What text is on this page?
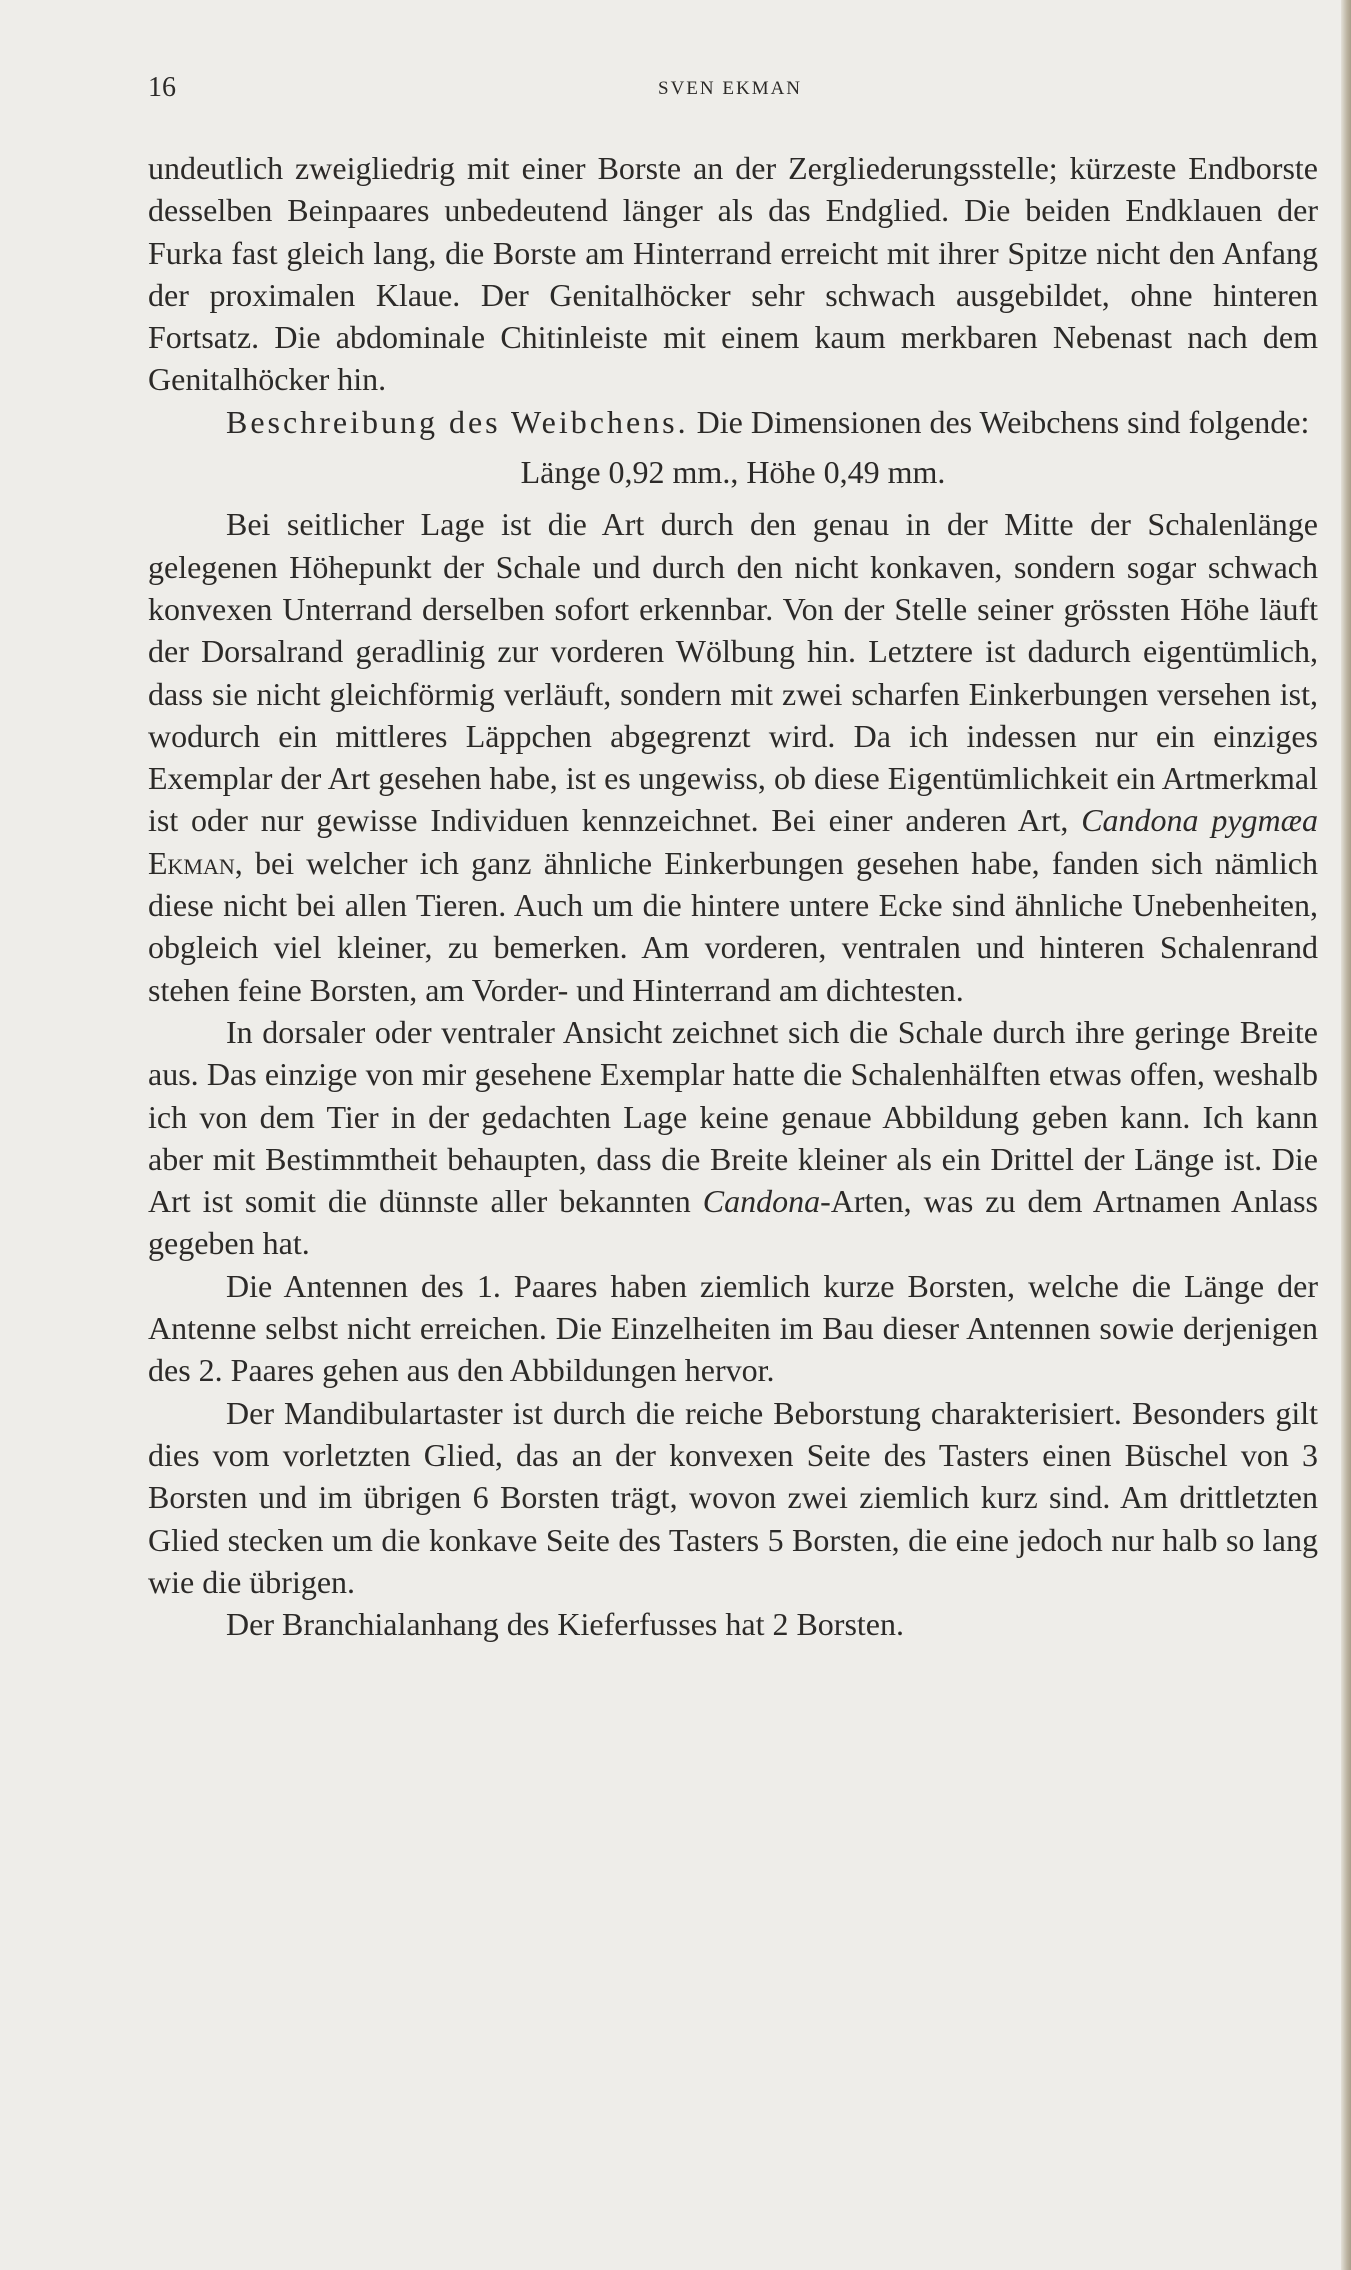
16	SVEN EKMAN

undeutlich zweigliedrig mit einer Borste an der Zergliederungsstelle; kürzeste Endborste desselben Beinpaares unbedeutend länger als das Endglied. Die beiden Endklauen der Furka fast gleich lang, die Borste am Hinterrand erreicht mit ihrer Spitze nicht den Anfang der proximalen Klaue. Der Genitalhöcker sehr schwach ausgebildet, ohne hinteren Fortsatz. Die abdominale Chitinleiste mit einem kaum merkbaren Nebenast nach dem Genitalhöcker hin.

Beschreibung des Weibchens. Die Dimensionen des Weibchens sind folgende:

Länge 0,92 mm., Höhe 0,49 mm.

Bei seitlicher Lage ist die Art durch den genau in der Mitte der Schalenlänge gelegenen Höhepunkt der Schale und durch den nicht konkaven, sondern sogar schwach konvexen Unterrand derselben sofort erkennbar. Von der Stelle seiner grössten Höhe läuft der Dorsalrand geradlinig zur vorderen Wölbung hin. Letztere ist dadurch eigentümlich, dass sie nicht gleichförmig verläuft, sondern mit zwei scharfen Einkerbungen versehen ist, wodurch ein mittleres Läppchen abgegrenzt wird. Da ich indessen nur ein einziges Exemplar der Art gesehen habe, ist es ungewiss, ob diese Eigentümlichkeit ein Artmerkmal ist oder nur gewisse Individuen kennzeichnet. Bei einer anderen Art, Candona pygmæa Ekman, bei welcher ich ganz ähnliche Einkerbungen gesehen habe, fanden sich nämlich diese nicht bei allen Tieren. Auch um die hintere untere Ecke sind ähnliche Unebenheiten, obgleich viel kleiner, zu bemerken. Am vorderen, ventralen und hinteren Schalenrand stehen feine Borsten, am Vorder- und Hinterrand am dichtesten.

In dorsaler oder ventraler Ansicht zeichnet sich die Schale durch ihre geringe Breite aus. Das einzige von mir gesehene Exemplar hatte die Schalenhälften etwas offen, weshalb ich von dem Tier in der gedachten Lage keine genaue Abbildung geben kann. Ich kann aber mit Bestimmtheit behaupten, dass die Breite kleiner als ein Drittel der Länge ist. Die Art ist somit die dünnste aller bekannten Candona-Arten, was zu dem Artnamen Anlass gegeben hat.

Die Antennen des 1. Paares haben ziemlich kurze Borsten, welche die Länge der Antenne selbst nicht erreichen. Die Einzelheiten im Bau dieser Antennen sowie derjenigen des 2. Paares gehen aus den Abbildungen hervor.

Der Mandibulartaster ist durch die reiche Beborstung charakterisiert. Besonders gilt dies vom vorletzten Glied, das an der konvexen Seite des Tasters einen Büschel von 3 Borsten und im übrigen 6 Borsten trägt, wovon zwei ziemlich kurz sind. Am drittletzten Glied stecken um die konkave Seite des Tasters 5 Borsten, die eine jedoch nur halb so lang wie die übrigen.

Der Branchialanhang des Kieferfusses hat 2 Borsten.
